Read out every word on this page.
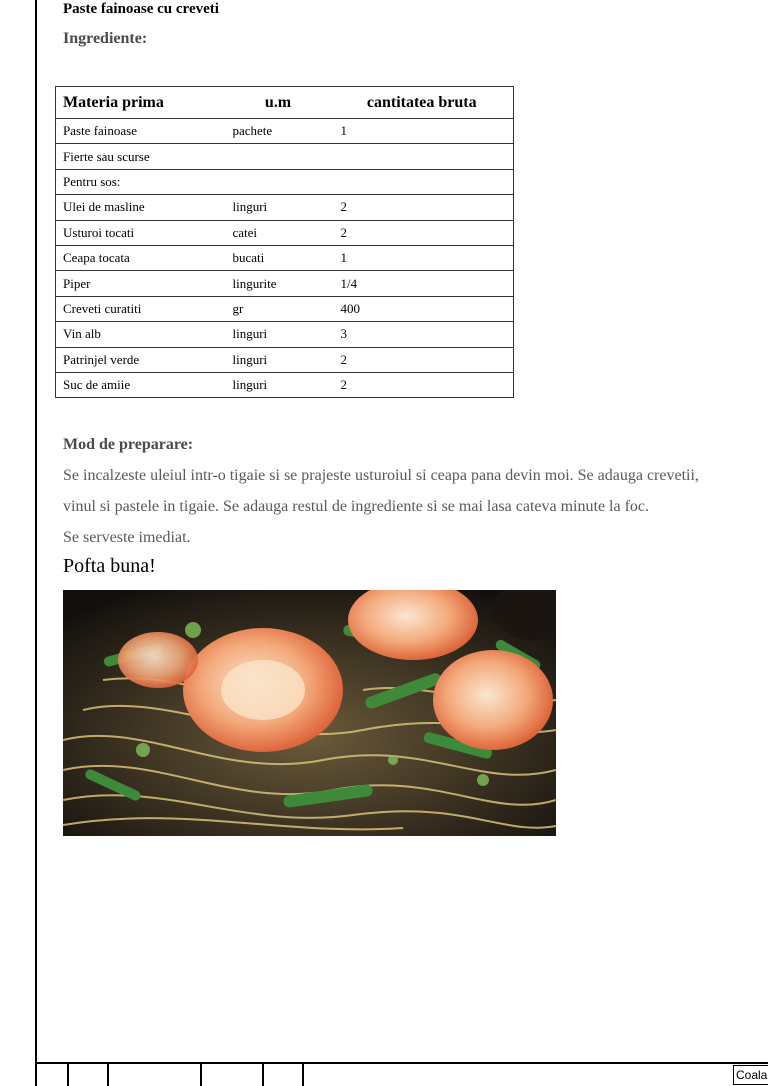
Paste fainoase cu creveti
Ingrediente:
Materia prima	u.m	cantitatea bruta
Paste fainoase	pachete	1
Fierte sau scurse		
Pentru sos:		
Ulei de masline	linguri	2
Usturoi tocati	catei	2
Ceapa tocata	bucati	1
Piper	lingurite	1/4
Creveti curatiti	gr	400
Vin alb	linguri	3
Patrinjel verde	linguri	2
Suc de amiie	linguri	2
Mod de preparare:

Se incalzeste uleiul intr-o tigaie si se prajeste usturoiul si ceapa pana devin moi. Se adauga crevetii,

vinul si pastele in tigaie. Se adauga restul de ingrediente si se mai lasa cateva minute la foc.

Se serveste imediat.

Pofta buna!
Coala
